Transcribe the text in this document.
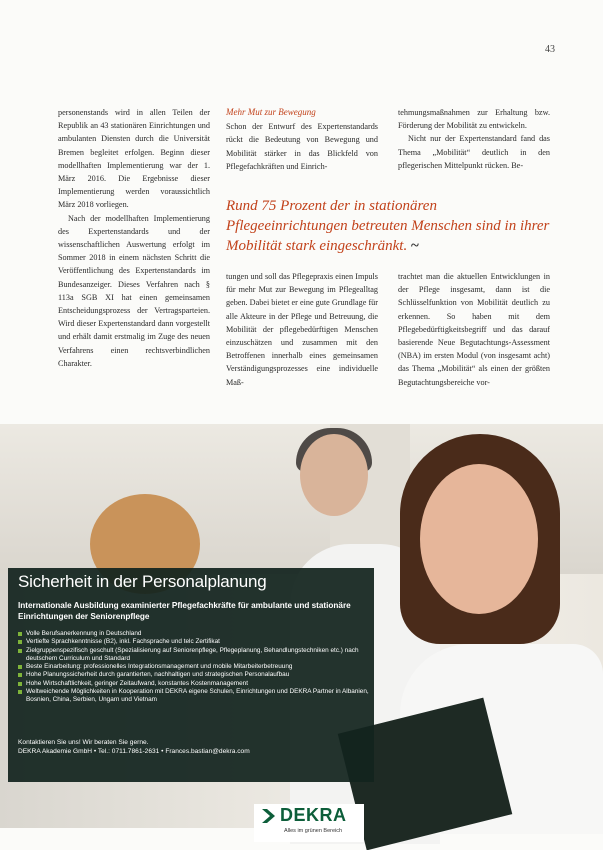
43

personenstands wird in allen Teilen der Republik an 43 stationären Einrichtungen und ambulanten Diensten durch die Universität Bremen begleitet erfolgen. Beginn dieser modellhaften Implementierung war der 1. März 2016. Die Ergebnisse dieser Implementierung werden voraussichtlich März 2018 vorliegen.

Nach der modellhaften Implementierung des Expertenstandards und der wissenschaftlichen Auswertung erfolgt im Sommer 2018 in einem nächsten Schritt die Veröffentlichung des Expertenstandards im Bundesanzeiger. Dieses Verfahren nach § 113a SGB XI hat einen gemeinsamen Entscheidungsprozess der Vertragsparteien. Wird dieser Expertenstandard dann vorgestellt und erhält damit erstmalig im Zuge des neuen Verfahrens einen rechtsverbindlichen Charakter.

Mehr Mut zur Bewegung

Schon der Entwurf des Expertenstandards rückt die Bedeutung von Bewegung und Mobilität stärker in das Blickfeld von Pflegefachkräften und Einrich-

tehmungsmaßnahmen zur Erhaltung bzw. Förderung der Mobilität zu entwickeln.

Nicht nur der Expertenstandard fand das Thema „Mobilität“ deutlich in den pflegerischen Mittelpunkt rücken. Be-

Rund 75 Prozent der in stationären Pflegeeinrichtungen betreuten Menschen sind in ihrer Mobilität stark eingeschränkt. ~

tungen und soll das Pflegepraxis einen Impuls für mehr Mut zur Bewegung im Pflegealltag geben. Dabei bietet er eine gute Grundlage für alle Akteure in der Pflege und Betreuung, die Mobilität der pflegebedürftigen Menschen einzuschätzen und zusammen mit den Betroffenen innerhalb eines gemeinsamen Verständigungsprozesses eine individuelle Maß-

trachtet man die aktuellen Entwicklungen in der Pflege insgesamt, dann ist die Schlüsselfunktion von Mobilität deutlich zu erkennen. So haben mit dem Pflegebedürftigkeitsbegriff und das darauf basierende Neue Begutachtungs-Assessment (NBA) im ersten Modul (von insgesamt acht) das Thema „Mobilität“ als einen der größten Begutachtungsbereiche vor-

Sicherheit in der Personalplanung
Internationale Ausbildung examinierter Pflegefachkräfte für ambulante und stationäre Einrichtungen der Seniorenpflege
Volle Berufsanerkennung in Deutschland
Vertiefte Sprachkenntnisse (B2), inkl. Fachsprache und telc Zertifikat
Zielgruppenspezifisch geschult (Spezialisierung auf Seniorenpflege, Pflegeplanung, Behandlungstechniken etc.) nach deutschem Curriculum und Standard
Beste Einarbeitung: professionelles Integrationsmanagement und mobile Mitarbeiterbetreuung
Hohe Planungssicherheit durch garantierten, nachhaltigen und strategischen Personalaufbau
Hohe Wirtschaftlichkeit, geringer Zeitaufwand, konstantes Kostenmanagement
Weltweichende Möglichkeiten in Kooperation mit DEKRA eigene Schulen, Einrichtungen und DEKRA Partner in Albanien, Bosnien, China, Serbien, Ungarn und Vietnam
Kontaktieren Sie uns! Wir beraten Sie gerne.
DEKRA Akademie GmbH • Tel.: 0711.7861-2631 • Frances.bastian@dekra.com
DEKRA
Alles im grünen Bereich
